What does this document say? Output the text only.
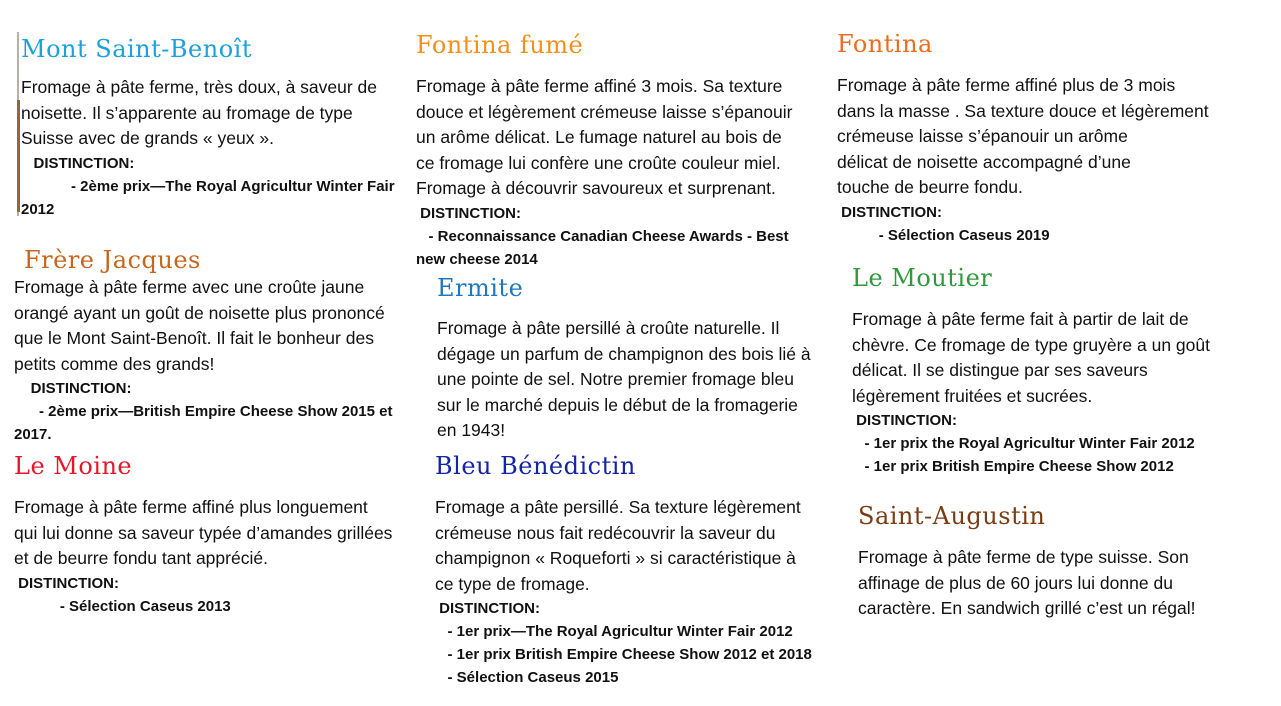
Mont Saint-Benoît
Fromage à pâte ferme, très doux, à saveur de
noisette. Il s’apparente au fromage de type
Suisse avec de grands « yeux ».
DISTINCTION:
- 2ème prix—The Royal Agricultur Winter Fair 2012
Fontina fumé
Fromage à pâte ferme affiné 3 mois. Sa texture
douce et légèrement crémeuse laisse s’épanouir
un arôme délicat. Le fumage naturel au bois de
ce fromage lui confère une croûte couleur miel.
Fromage à découvrir savoureux et surprenant.
DISTINCTION:
- Reconnaissance Canadian Cheese Awards - Best new cheese 2014
Fontina
Fromage à pâte ferme affiné plus de 3 mois
dans la masse . Sa texture douce et légèrement
crémeuse laisse s’épanouir un arôme
délicat de noisette accompagné d’une
touche de beurre fondu.
DISTINCTION:
- Sélection Caseus 2019
Frère Jacques
Fromage à pâte ferme avec une croûte jaune
orangé ayant un goût de noisette plus prononcé
que le Mont Saint-Benoît. Il fait le bonheur des
petits comme des grands!
DISTINCTION:
- 2ème prix—British Empire Cheese Show 2015 et 2017.
Ermite
Fromage à pâte persillé à croûte naturelle. Il
dégage un parfum de champignon des bois lié à
une pointe de sel. Notre premier fromage bleu
sur le marché depuis le début de la fromagerie
en 1943!
Le Moutier
Fromage à pâte ferme fait à partir de lait de
chèvre. Ce fromage de type gruyère a un goût
délicat. Il se distingue par ses saveurs
légèrement fruitées et sucrées.
DISTINCTION:
- 1er prix the Royal Agricultur Winter Fair 2012
- 1er prix British Empire Cheese Show 2012
Le Moine
Fromage à pâte ferme affiné plus longuement
qui lui donne sa saveur typée d’amandes grillées
et de beurre fondu tant apprécié.
DISTINCTION:
- Sélection Caseus 2013
Bleu Bénédictin
Fromage a pâte persillé. Sa texture légèrement
crémeuse nous fait redécouvrir la saveur du
champignon « Roqueforti » si caractéristique à
ce type de fromage.
DISTINCTION:
- 1er prix—The Royal Agricultur Winter Fair 2012
- 1er prix British Empire Cheese Show 2012 et 2018
- Sélection Caseus 2015
Saint-Augustin
Fromage à pâte ferme de type suisse. Son
affinage de plus de 60 jours lui donne du
caractère. En sandwich grillé c’est un régal!
